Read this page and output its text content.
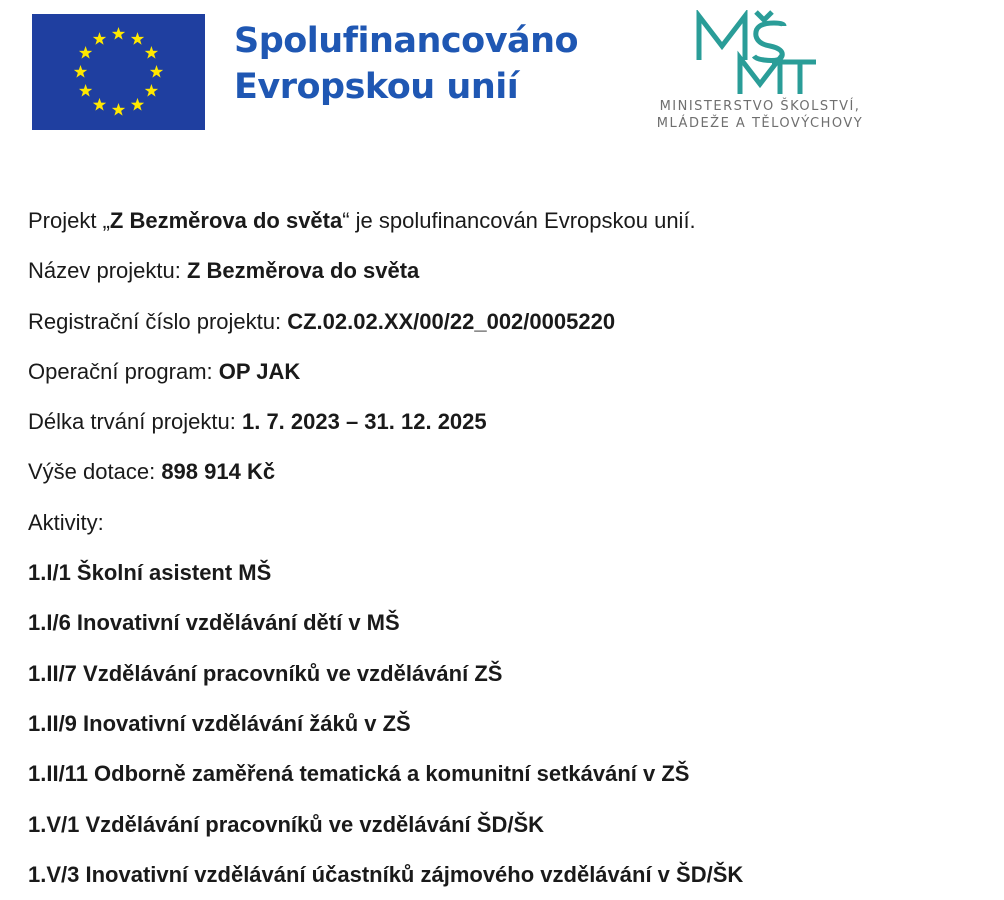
Spolufinancováno
Evropskou unií	MINISTERSTVO ŠKOLSTVÍ,
MLÁDEŽE A TĚLOVÝCHOVY
Projekt „Z Bezměrova do světa“ je spolufinancován Evropskou unií.
Název projektu: Z Bezměrova do světa
Registrační číslo projektu: CZ.02.02.XX/00/22_002/0005220
Operační program: OP JAK
Délka trvání projektu: 1. 7. 2023 – 31. 12. 2025
Výše dotace: 898 914 Kč
Aktivity:
1.I/1 Školní asistent MŠ
1.I/6 Inovativní vzdělávání dětí v MŠ
1.II/7 Vzdělávání pracovníků ve vzdělávání ZŠ
1.II/9 Inovativní vzdělávání žáků v ZŠ
1.II/11 Odborně zaměřená tematická a komunitní setkávání v ZŠ
1.V/1 Vzdělávání pracovníků ve vzdělávání ŠD/ŠK
1.V/3 Inovativní vzdělávání účastníků zájmového vzdělávání v ŠD/ŠK
